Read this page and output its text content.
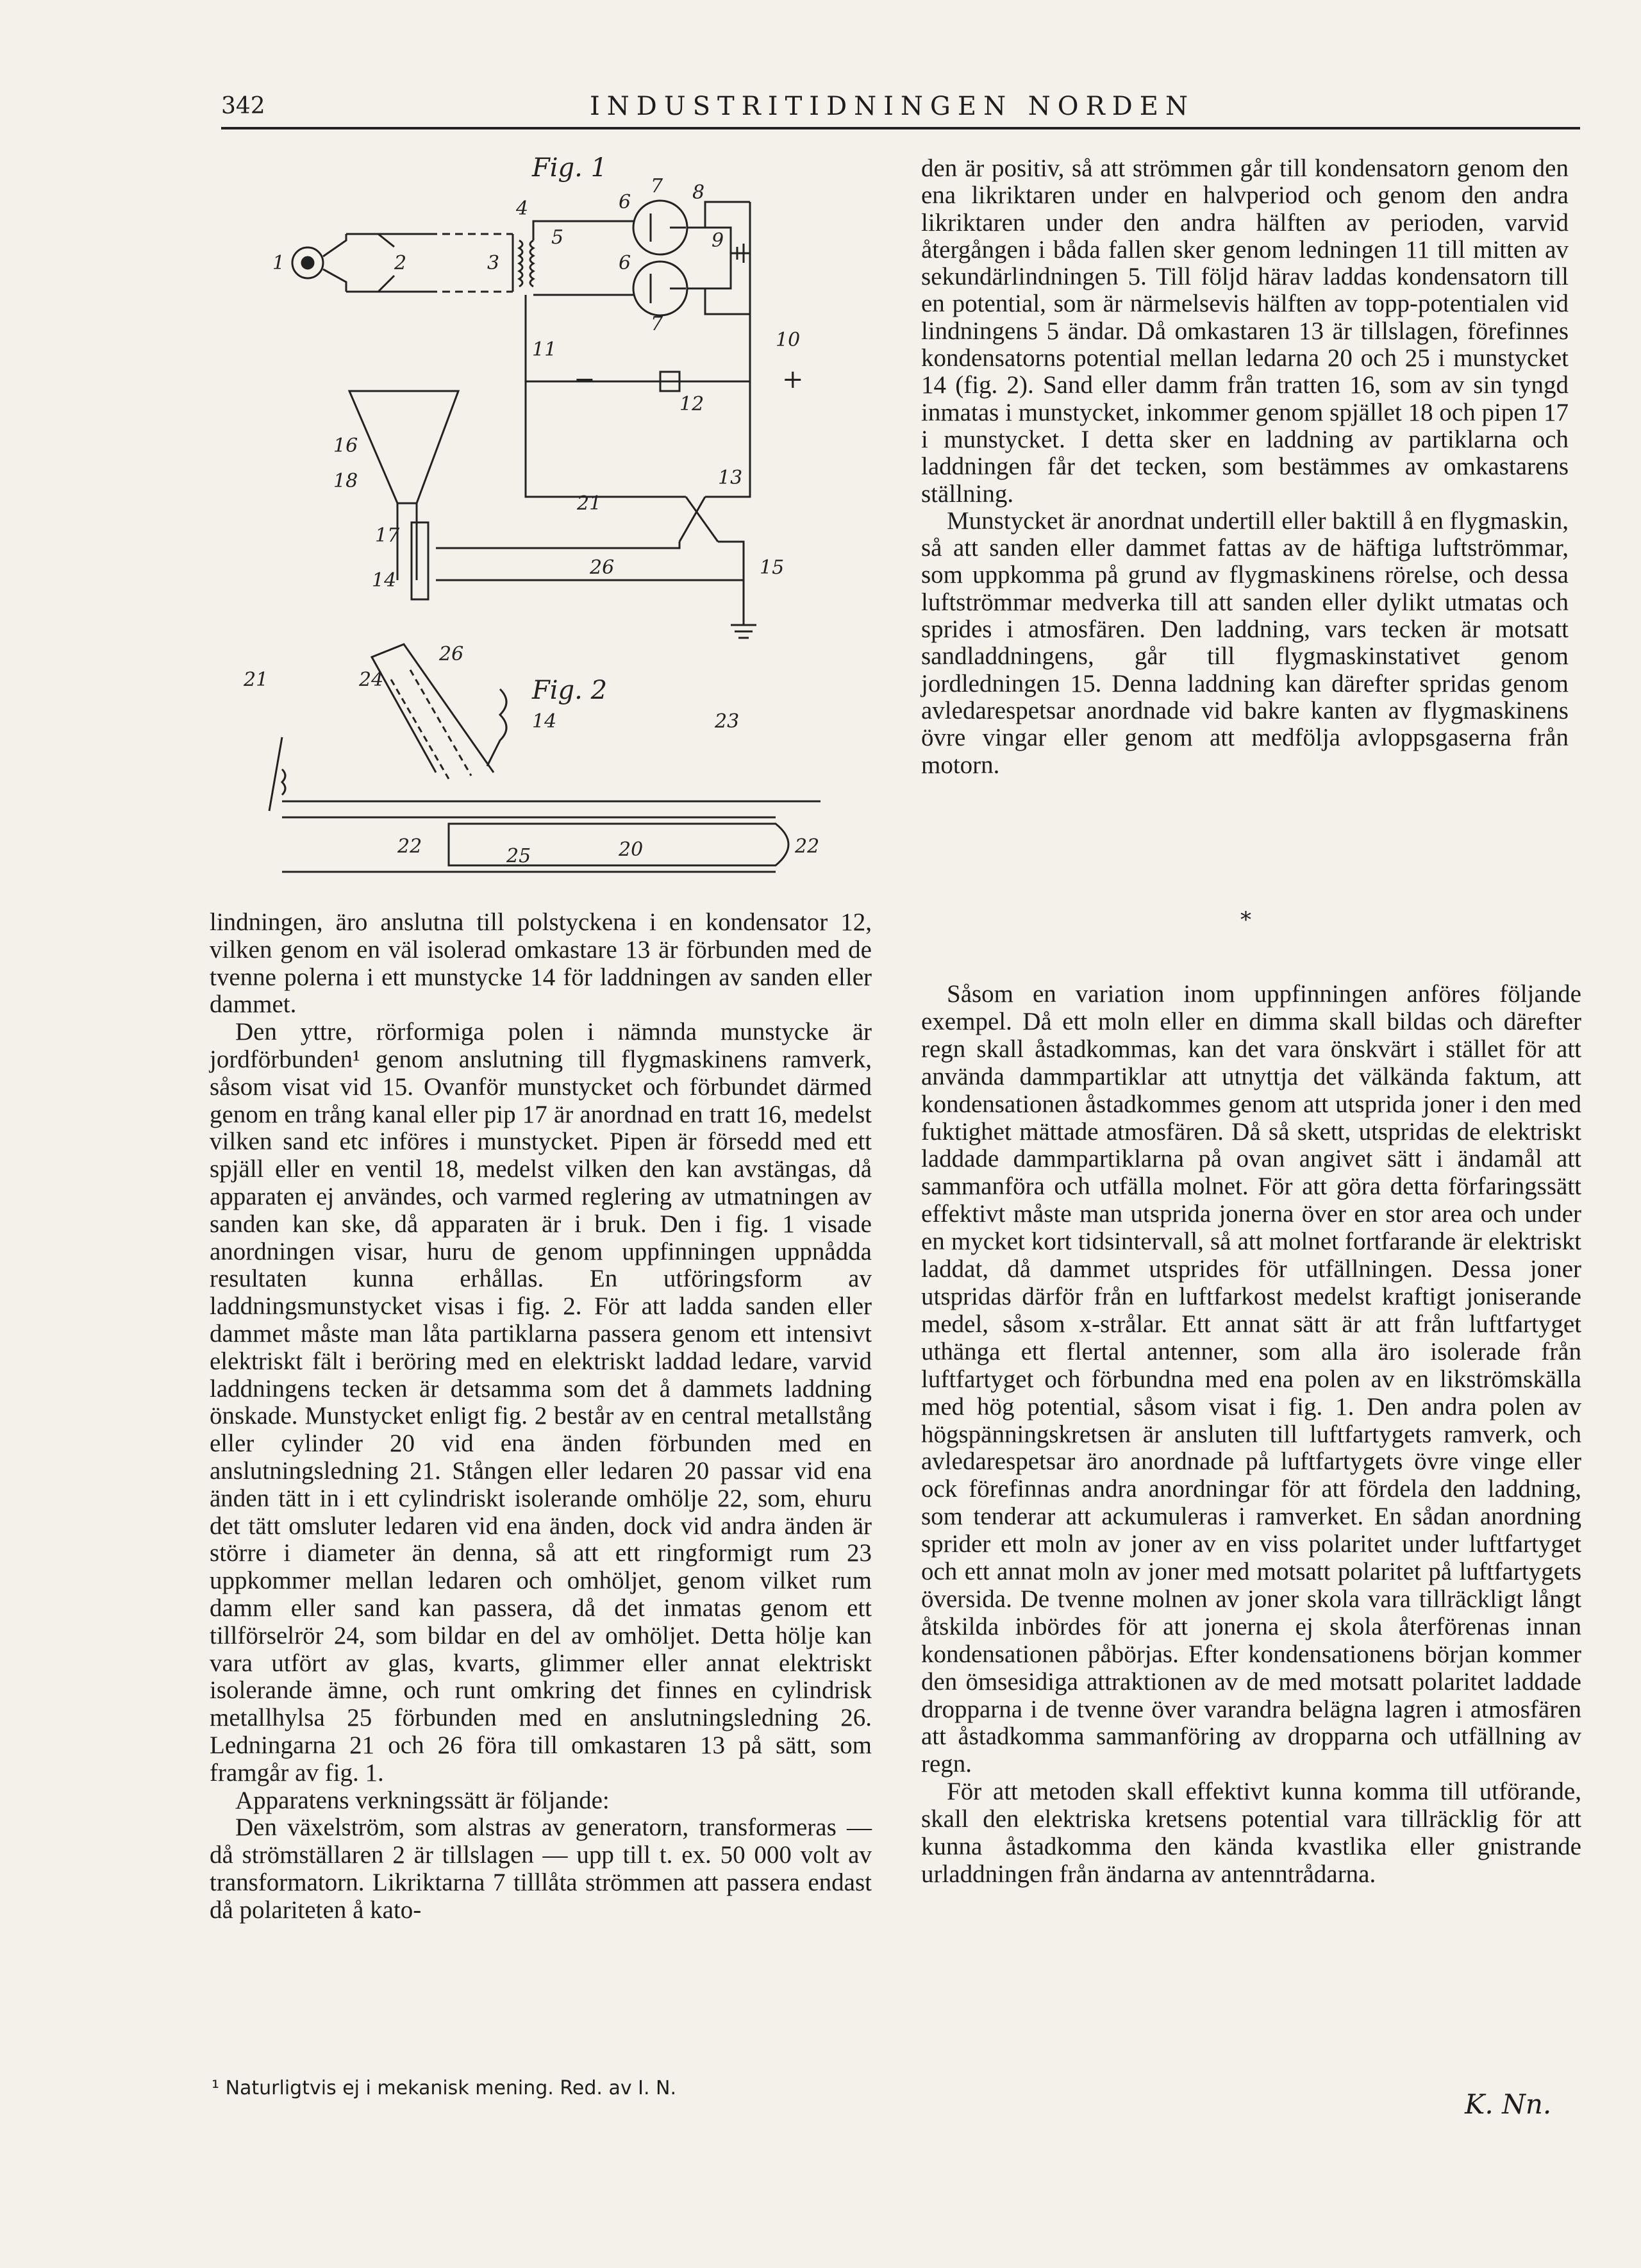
342	INDUSTRITIDNINGEN NORDEN
Fig. 1
Fig. 2
1	2	3
4
5
6
6
7
7
8
9
10
11
12
13
14
15
16
17
18
21
26
+
−
21	24
26
14	23
22	25	20	22

den är positiv, så att strömmen går till kondensatorn genom den ena likriktaren under en halvperiod och genom den andra likriktaren under den andra hälften av perioden, varvid återgången i båda fallen sker genom ledningen 11 till mitten av sekundärlindningen 5. Till följd härav laddas kondensatorn till en potential, som är närmelsevis hälften av topp-potentialen vid lindningens 5 ändar. Då omkastaren 13 är tillslagen, förefinnes kondensatorns potential mellan ledarna 20 och 25 i munstycket 14 (fig. 2). Sand eller damm från tratten 16, som av sin tyngd inmatas i munstycket, inkommer genom spjället 18 och pipen 17 i munstycket. I detta sker en laddning av partiklarna och laddningen får det tecken, som bestämmes av omkastarens ställning.

Munstycket är anordnat undertill eller baktill å en flygmaskin, så att sanden eller dammet fattas av de häftiga luftströmmar, som uppkomma på grund av flygmaskinens rörelse, och dessa luftströmmar medverka till att sanden eller dylikt utmatas och sprides i atmosfären. Den laddning, vars tecken är motsatt sandladdningens, går till flygmaskinstativet genom jordledningen 15. Denna laddning kan därefter spridas genom avledarespetsar anordnade vid bakre kanten av flygmaskinens övre vingar eller genom att medfölja avloppsgaserna från motorn.

*

lindningen, äro anslutna till polstyckena i en kondensator 12, vilken genom en väl isolerad omkastare 13 är förbunden med de tvenne polerna i ett munstycke 14 för laddningen av sanden eller dammet.

Den yttre, rörformiga polen i nämnda munstycke är jordförbunden¹ genom anslutning till flygmaskinens ramverk, såsom visat vid 15. Ovanför munstycket och förbundet därmed genom en trång kanal eller pip 17 är anordnad en tratt 16, medelst vilken sand etc införes i munstycket. Pipen är försedd med ett spjäll eller en ventil 18, medelst vilken den kan avstängas, då apparaten ej användes, och varmed reglering av utmatningen av sanden kan ske, då apparaten är i bruk. Den i fig. 1 visade anordningen visar, huru de genom uppfinningen uppnådda resultaten kunna erhållas. En utföringsform av laddningsmunstycket visas i fig. 2. För att ladda sanden eller dammet måste man låta partiklarna passera genom ett intensivt elektriskt fält i beröring med en elektriskt laddad ledare, varvid laddningens tecken är detsamma som det å dammets laddning önskade. Munstycket enligt fig. 2 består av en central metallstång eller cylinder 20 vid ena änden förbunden med en anslutningsledning 21. Stången eller ledaren 20 passar vid ena änden tätt in i ett cylindriskt isolerande omhölje 22, som, ehuru det tätt omsluter ledaren vid ena änden, dock vid andra änden är större i diameter än denna, så att ett ringformigt rum 23 uppkommer mellan ledaren och omhöljet, genom vilket rum damm eller sand kan passera, då det inmatas genom ett tillförselrör 24, som bildar en del av omhöljet. Detta hölje kan vara utfört av glas, kvarts, glimmer eller annat elektriskt isolerande ämne, och runt omkring det finnes en cylindrisk metallhylsa 25 förbunden med en anslutningsledning 26. Ledningarna 21 och 26 föra till omkastaren 13 på sätt, som framgår av fig. 1.

Apparatens verkningssätt är följande:

Den växelström, som alstras av generatorn, transformeras — då strömställaren 2 är tillslagen — upp till t. ex. 50 000 volt av transformatorn. Likriktarna 7 tilllåta strömmen att passera endast då polariteten å kato-

¹ Naturligtvis ej i mekanisk mening. Red. av I. N.

Såsom en variation inom uppfinningen anföres följande exempel. Då ett moln eller en dimma skall bildas och därefter regn skall åstadkommas, kan det vara önskvärt i stället för att använda dammpartiklar att utnyttja det välkända faktum, att kondensationen åstadkommes genom att utsprida joner i den med fuktighet mättade atmosfären. Då så skett, utspridas de elektriskt laddade dammpartiklarna på ovan angivet sätt i ändamål att sammanföra och utfälla molnet. För att göra detta förfaringssätt effektivt måste man utsprida jonerna över en stor area och under en mycket kort tidsintervall, så att molnet fortfarande är elektriskt laddat, då dammet utsprides för utfällningen. Dessa joner utspridas därför från en luftfarkost medelst kraftigt joniserande medel, såsom x-strålar. Ett annat sätt är att från luftfartyget uthänga ett flertal antenner, som alla äro isolerade från luftfartyget och förbundna med ena polen av en likströmskälla med hög potential, såsom visat i fig. 1. Den andra polen av högspänningskretsen är ansluten till luftfartygets ramverk, och avledarespetsar äro anordnade på luftfartygets övre vinge eller ock förefinnas andra anordningar för att fördela den laddning, som tenderar att ackumuleras i ramverket. En sådan anordning sprider ett moln av joner av en viss polaritet under luftfartyget och ett annat moln av joner med motsatt polaritet på luftfartygets översida. De tvenne molnen av joner skola vara tillräckligt långt åtskilda inbördes för att jonerna ej skola återförenas innan kondensationen påbörjas. Efter kondensationens början kommer den ömsesidiga attraktionen av de med motsatt polaritet laddade dropparna i de tvenne över varandra belägna lagren i atmosfären att åstadkomma sammanföring av dropparna och utfällning av regn.

För att metoden skall effektivt kunna komma till utförande, skall den elektriska kretsens potential vara tillräcklig för att kunna åstadkomma den kända kvastlika eller gnistrande urladdningen från ändarna av antenntrådarna.

K. Nn.
